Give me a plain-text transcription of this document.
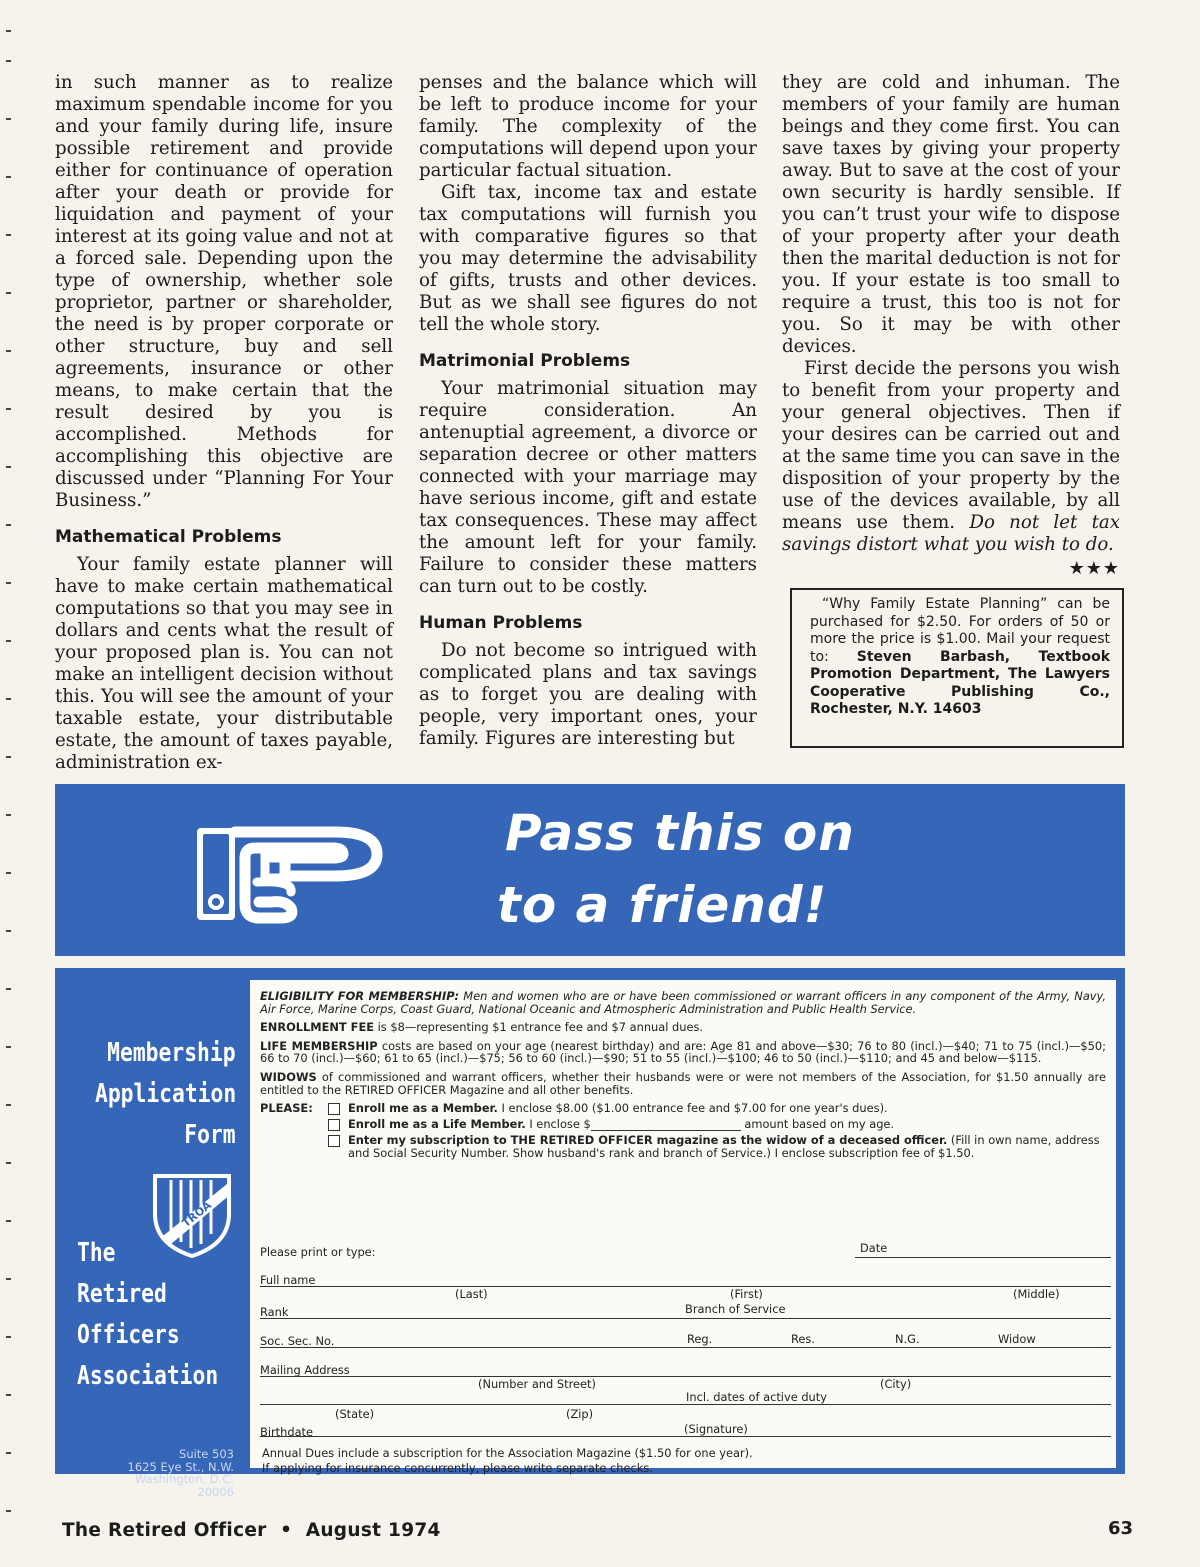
in such manner as to realize maximum spendable income for you and your family during life, insure possible retirement and provide either for continuance of operation after your death or provide for liquidation and payment of your interest at its going value and not at a forced sale. Depending upon the type of ownership, whether sole proprietor, partner or shareholder, the need is by proper corporate or other structure, buy and sell agreements, insurance or other means, to make certain that the result desired by you is accomplished. Methods for accomplishing this objective are discussed under “Planning For Your Business.”

Mathematical Problems

Your family estate planner will have to make certain mathematical computations so that you may see in dollars and cents what the result of your proposed plan is. You can not make an intelligent decision without this. You will see the amount of your taxable estate, your distributable estate, the amount of taxes payable, administration ex-

penses and the balance which will be left to produce income for your family. The complexity of the computations will depend upon your particular factual situation.

Gift tax, income tax and estate tax computations will furnish you with comparative figures so that you may determine the advisability of gifts, trusts and other devices. But as we shall see figures do not tell the whole story.

Matrimonial Problems

Your matrimonial situation may require consideration. An antenuptial agreement, a divorce or separation decree or other matters connected with your marriage may have serious income, gift and estate tax consequences. These may affect the amount left for your family. Failure to consider these matters can turn out to be costly.

Human Problems

Do not become so intrigued with complicated plans and tax savings as to forget you are dealing with people, very important ones, your family. Figures are interesting but

they are cold and inhuman. The members of your family are human beings and they come first. You can save taxes by giving your property away. But to save at the cost of your own security is hardly sensible. If you can’t trust your wife to dispose of your property after your death then the marital deduction is not for you. If your estate is too small to require a trust, this too is not for you. So it may be with other devices.

First decide the persons you wish to benefit from your property and your general objectives. Then if your desires can be carried out and at the same time you can save in the disposition of your property by the use of the devices available, by all means use them. Do not let tax savings distort what you wish to do.

★★★

“Why Family Estate Planning” can be purchased for $2.50. For orders of 50 or more the price is $1.00. Mail your request to: Steven Barbash, Textbook Promotion Department, The Lawyers Cooperative Publishing Co., Rochester, N.Y. 14603

Pass this on
to a friend!
Membership
Application
Form
TROA
The
Retired
Officers
Association
Suite 503
1625 Eye St., N.W.
Washington, D.C.
20006

ELIGIBILITY FOR MEMBERSHIP: Men and women who are or have been commissioned or warrant officers in any component of the Army, Navy, Air Force, Marine Corps, Coast Guard, National Oceanic and Atmospheric Administration and Public Health Service.

ENROLLMENT FEE is $8—representing $1 entrance fee and $7 annual dues.

LIFE MEMBERSHIP costs are based on your age (nearest birthday) and are: Age 81 and above—$30; 76 to 80 (incl.)—$40; 71 to 75 (incl.)—$50; 66 to 70 (incl.)—$60; 61 to 65 (incl.)—$75; 56 to 60 (incl.)—$90; 51 to 55 (incl.)—$100; 46 to 50 (incl.)—$110; and 45 and below—$115.

WIDOWS of commissioned and warrant officers, whether their husbands were or were not members of the Association, for $1.50 annually are entitled to the RETIRED OFFICER Magazine and all other benefits.

PLEASE:	Enroll me as a Member. I enclose $8.00 ($1.00 entrance fee and $7.00 for one year's dues).
Enroll me as a Life Member. I enclose $	amount based on my age.
Enter my subscription to THE RETIRED OFFICER magazine as the widow of a deceased officer. (Fill in own name, address and Social Security Number. Show husband's rank and branch of Service.) I enclose subscription fee of $1.50.
Please print or type:	Date
Full name
(Last)	(First)	(Middle)
Rank	Branch of Service
Soc. Sec. No.	Reg.	Res.	N.G.	Widow
Mailing Address
(Number and Street)	(City)
Incl. dates of active duty
(State)	(Zip)
Birthdate	(Signature)
Annual Dues include a subscription for the Association Magazine ($1.50 for one year).
If applying for insurance concurrently, please write separate checks.
The Retired Officer • August 1974	63
